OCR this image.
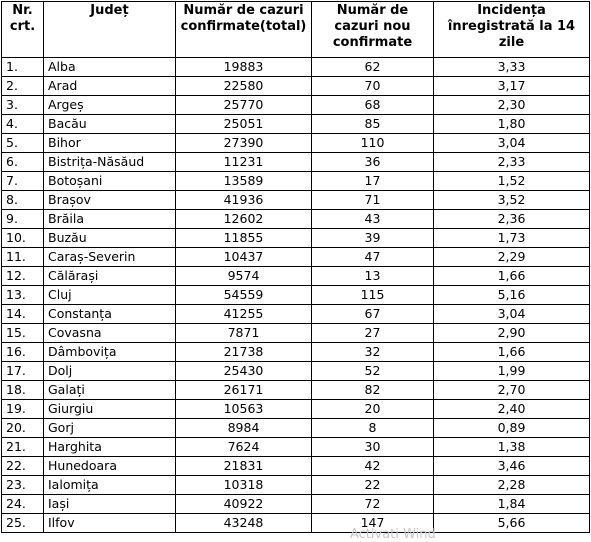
Nr. crt.	Județ	Număr de cazuri confirmate(total)	Număr de cazuri nou confirmate	Incidența înregistrată la 14 zile
1.	Alba	19883	62	3,33
2.	Arad	22580	70	3,17
3.	Argeș	25770	68	2,30
4.	Bacău	25051	85	1,80
5.	Bihor	27390	110	3,04
6.	Bistrița-Năsăud	11231	36	2,33
7.	Botoșani	13589	17	1,52
8.	Brașov	41936	71	3,52
9.	Brăila	12602	43	2,36
10.	Buzău	11855	39	1,73
11.	Caraș-Severin	10437	47	2,29
12.	Călărași	9574	13	1,66
13.	Cluj	54559	115	5,16
14.	Constanța	41255	67	3,04
15.	Covasna	7871	27	2,90
16.	Dâmbovița	21738	32	1,66
17.	Dolj	25430	52	1,99
18.	Galați	26171	82	2,70
19.	Giurgiu	10563	20	2,40
20.	Gorj	8984	8	0,89
21.	Harghita	7624	30	1,38
22.	Hunedoara	21831	42	3,46
23.	Ialomița	10318	22	2,28
24.	Iași	40922	72	1,84
25.	Ilfov	43248	147	5,66
Activati Wind
